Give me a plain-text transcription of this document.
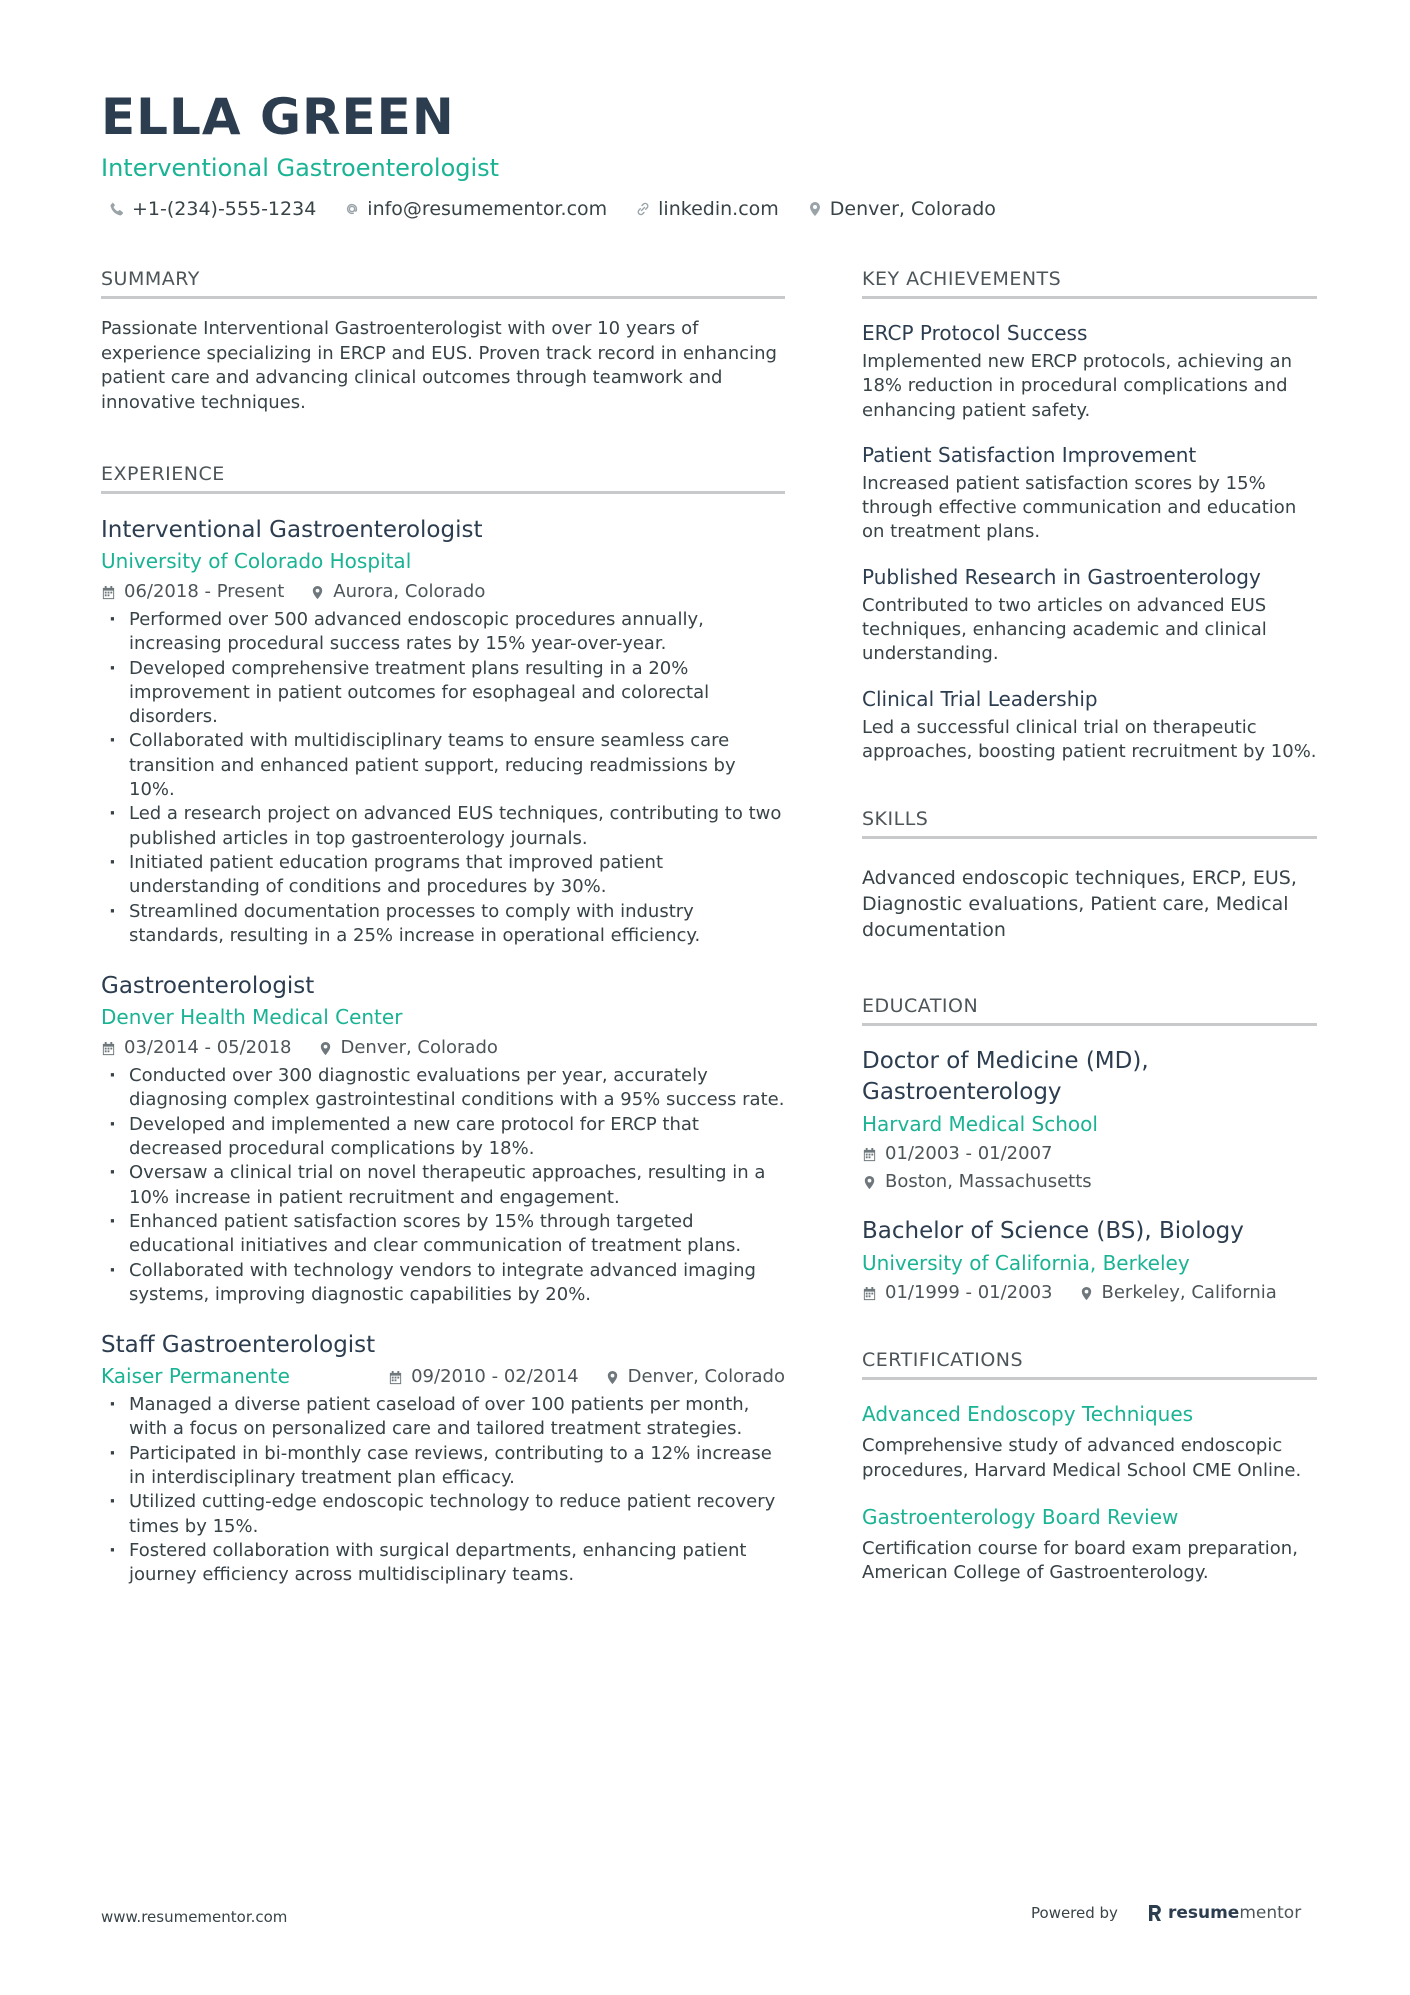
ELLA GREEN
Interventional Gastroenterologist
+1-(234)-555-1234	info@resumementor.com	linkedin.com	Denver, Colorado
SUMMARY

Passionate Interventional Gastroenterologist with over 10 years of experience specializing in ERCP and EUS. Proven track record in enhancing patient care and advancing clinical outcomes through teamwork and innovative techniques.

EXPERIENCE
Interventional Gastroenterologist
University of Colorado Hospital
06/2018 - Present	Aurora, Colorado
· Performed over 500 advanced endoscopic procedures annually, increasing procedural success rates by 15% year-over-year.
· Developed comprehensive treatment plans resulting in a 20% improvement in patient outcomes for esophageal and colorectal disorders.
· Collaborated with multidisciplinary teams to ensure seamless care transition and enhanced patient support, reducing readmissions by 10%.
· Led a research project on advanced EUS techniques, contributing to two published articles in top gastroenterology journals.
· Initiated patient education programs that improved patient understanding of conditions and procedures by 30%.
· Streamlined documentation processes to comply with industry standards, resulting in a 25% increase in operational efficiency.
Gastroenterologist
Denver Health Medical Center
03/2014 - 05/2018	Denver, Colorado
· Conducted over 300 diagnostic evaluations per year, accurately diagnosing complex gastrointestinal conditions with a 95% success rate.
· Developed and implemented a new care protocol for ERCP that decreased procedural complications by 18%.
· Oversaw a clinical trial on novel therapeutic approaches, resulting in a 10% increase in patient recruitment and engagement.
· Enhanced patient satisfaction scores by 15% through targeted educational initiatives and clear communication of treatment plans.
· Collaborated with technology vendors to integrate advanced imaging systems, improving diagnostic capabilities by 20%.
Staff Gastroenterologist
Kaiser Permanente	09/2010 - 02/2014	Denver, Colorado
· Managed a diverse patient caseload of over 100 patients per month, with a focus on personalized care and tailored treatment strategies.
· Participated in bi-monthly case reviews, contributing to a 12% increase in interdisciplinary treatment plan efficacy.
· Utilized cutting-edge endoscopic technology to reduce patient recovery times by 15%.
· Fostered collaboration with surgical departments, enhancing patient journey efficiency across multidisciplinary teams.
KEY ACHIEVEMENTS
ERCP Protocol Success
Implemented new ERCP protocols, achieving an 18% reduction in procedural complications and enhancing patient safety.
Patient Satisfaction Improvement
Increased patient satisfaction scores by 15% through effective communication and education on treatment plans.
Published Research in Gastroenterology
Contributed to two articles on advanced EUS techniques, enhancing academic and clinical understanding.
Clinical Trial Leadership
Led a successful clinical trial on therapeutic approaches, boosting patient recruitment by 10%.
SKILLS
Advanced endoscopic techniques, ERCP, EUS, Diagnostic evaluations, Patient care, Medical documentation
EDUCATION
Doctor of Medicine (MD), Gastroenterology
Harvard Medical School
01/2003 - 01/2007
Boston, Massachusetts
Bachelor of Science (BS), Biology
University of California, Berkeley
01/1999 - 01/2003	Berkeley, California
CERTIFICATIONS
Advanced Endoscopy Techniques
Comprehensive study of advanced endoscopic procedures, Harvard Medical School CME Online.
Gastroenterology Board Review
Certification course for board exam preparation, American College of Gastroenterology.
www.resumementor.com	Powered by	resume mentor
